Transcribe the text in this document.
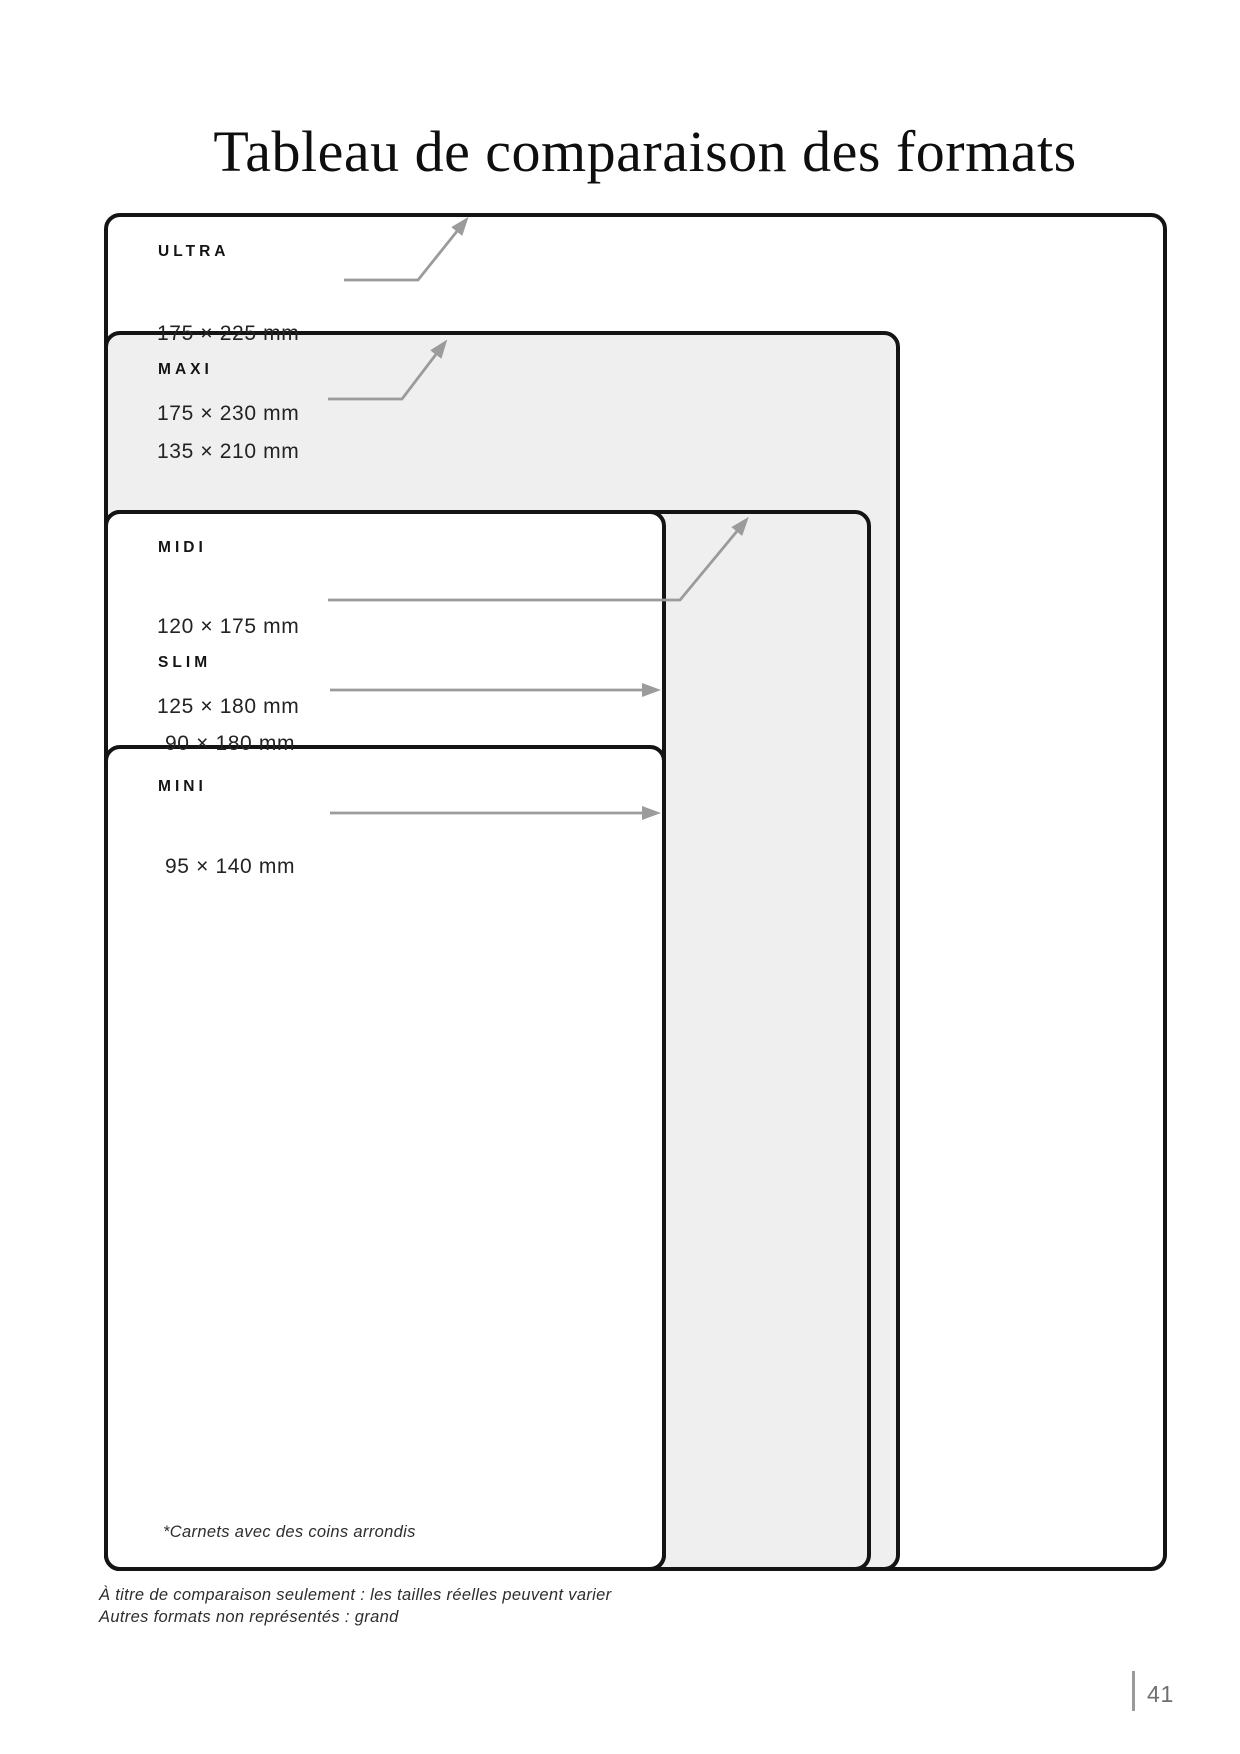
Tableau de comparaison des formats
ULTRA

175 × 225 mm

175 × 230 mm

MAXI

135 × 210 mm

MIDI

120 × 175 mm

125 × 180 mm

SLIM

90 × 180 mm

MINI

95 × 140 mm

*Carnets avec des coins arrondis
À titre de comparaison seulement : les tailles réelles peuvent varier
Autres formats non représentés : grand
41
